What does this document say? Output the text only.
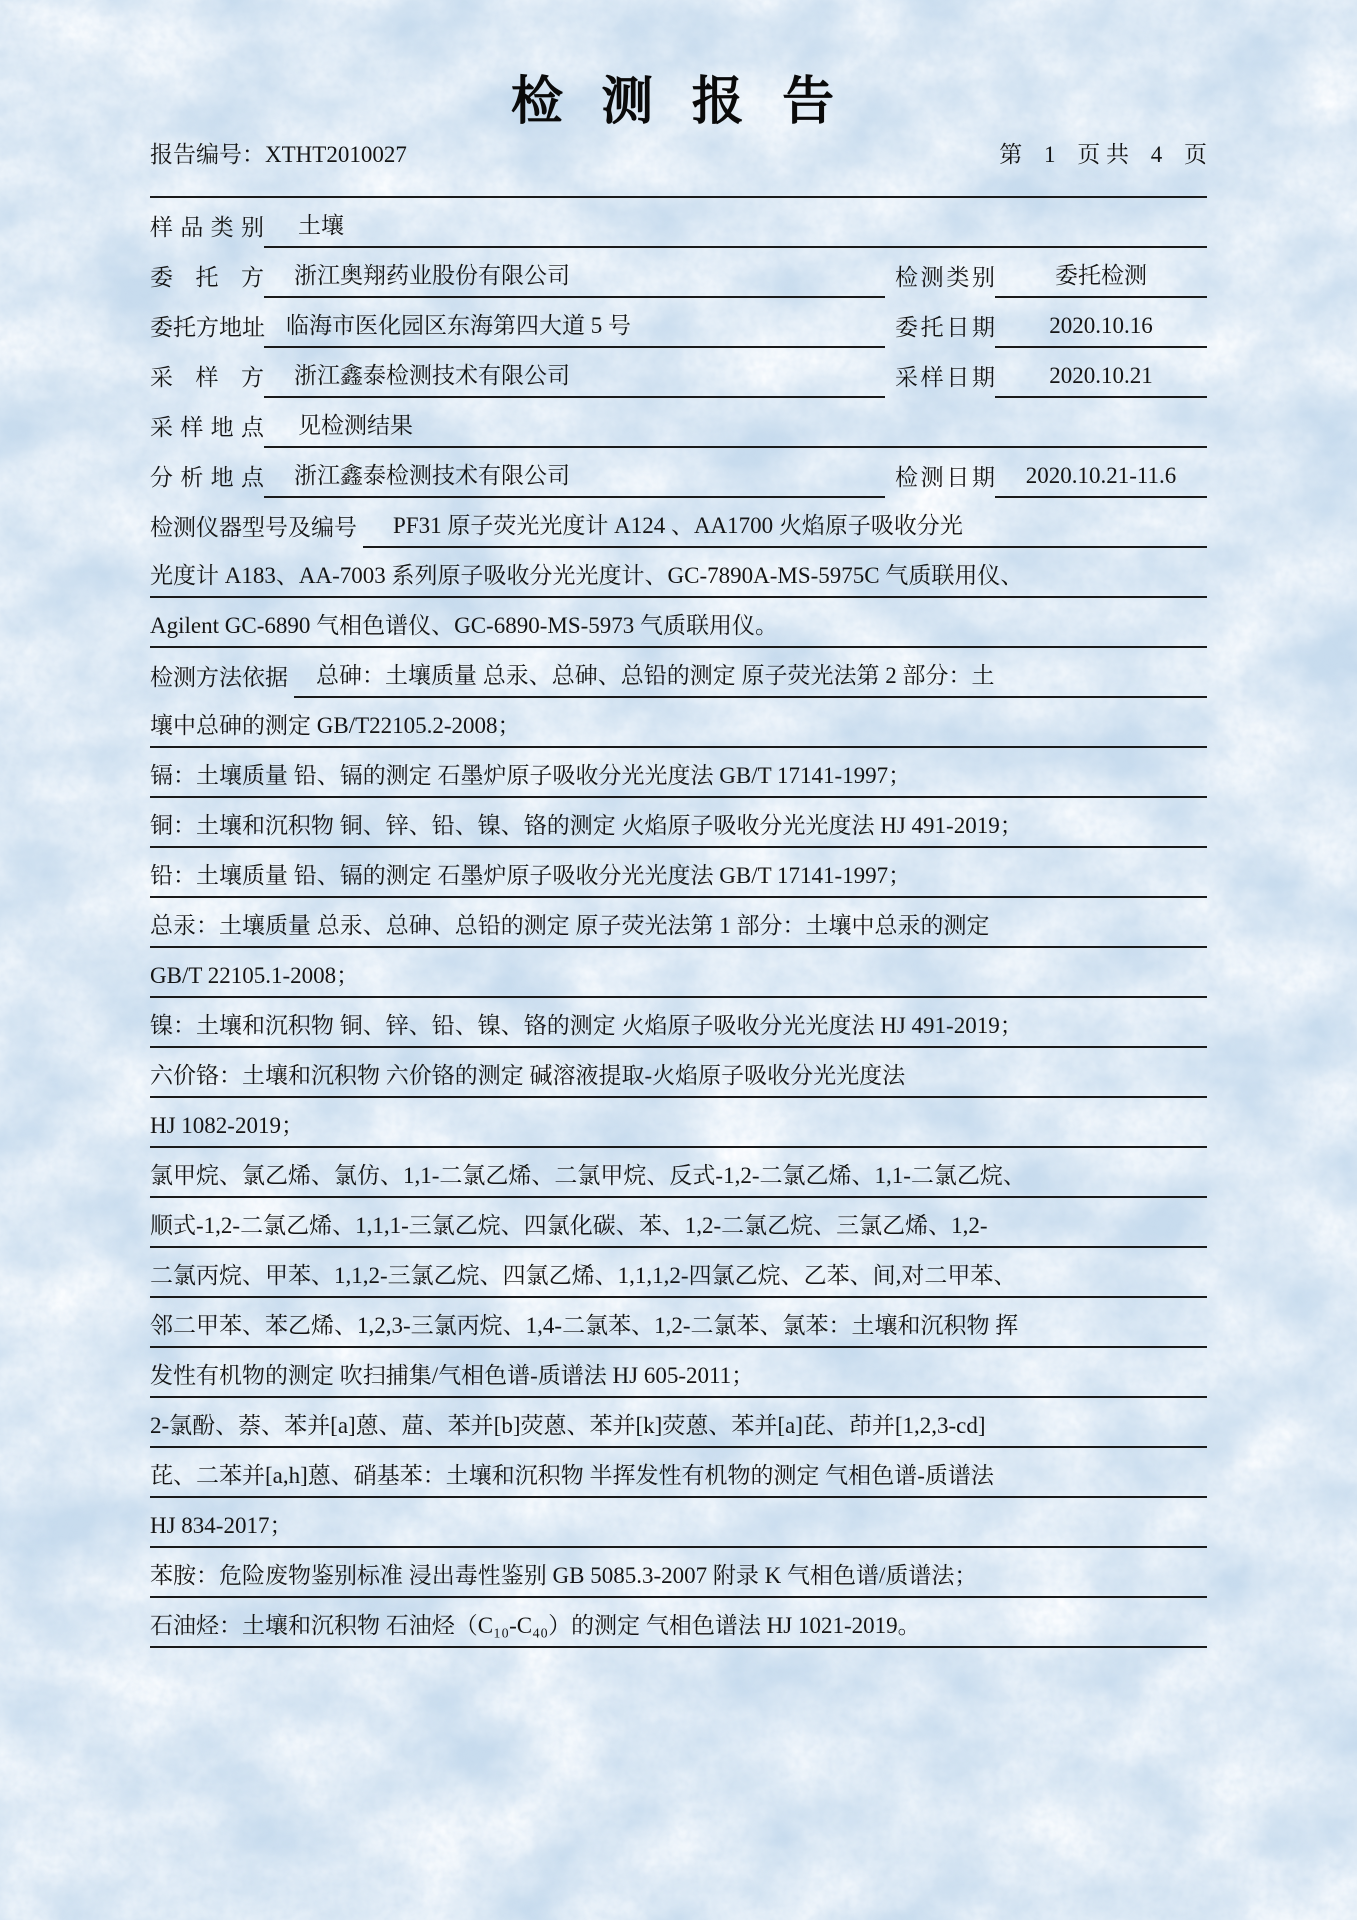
检 测 报 告
报告编号：XTHT2010027	第 1 页 共 4 页
样品类别	土壤
委 托 方	浙江奥翔药业股份有限公司	检测类别	委托检测
委托方地址 临海市医化园区东海第四大道 5 号	委托日期	2020.10.16
采 样 方	浙江鑫泰检测技术有限公司	采样日期	2020.10.21
采样地点	见检测结果
分析地点	浙江鑫泰检测技术有限公司	检测日期	2020.10.21-11.6
检测仪器型号及编号	PF31 原子荧光光度计 A124 、AA1700 火焰原子吸收分光
光度计 A183、AA-7003 系列原子吸收分光光度计、GC-7890A-MS-5975C 气质联用仪、
Agilent GC-6890 气相色谱仪、GC-6890-MS-5973 气质联用仪。
检测方法依据	总砷：土壤质量 总汞、总砷、总铅的测定 原子荧光法第 2 部分：土
壤中总砷的测定 GB/T22105.2-2008；
镉：土壤质量 铅、镉的测定 石墨炉原子吸收分光光度法 GB/T 17141-1997；
铜：土壤和沉积物 铜、锌、铅、镍、铬的测定 火焰原子吸收分光光度法 HJ 491-2019；
铅：土壤质量 铅、镉的测定 石墨炉原子吸收分光光度法 GB/T 17141-1997；
总汞：土壤质量 总汞、总砷、总铅的测定 原子荧光法第 1 部分：土壤中总汞的测定
GB/T 22105.1-2008；
镍：土壤和沉积物 铜、锌、铅、镍、铬的测定 火焰原子吸收分光光度法 HJ 491-2019；
六价铬：土壤和沉积物 六价铬的测定 碱溶液提取-火焰原子吸收分光光度法
HJ 1082-2019；
氯甲烷、氯乙烯、氯仿、1,1-二氯乙烯、二氯甲烷、反式-1,2-二氯乙烯、1,1-二氯乙烷、
顺式-1,2-二氯乙烯、1,1,1-三氯乙烷、四氯化碳、苯、1,2-二氯乙烷、三氯乙烯、1,2-
二氯丙烷、甲苯、1,1,2-三氯乙烷、四氯乙烯、1,1,1,2-四氯乙烷、乙苯、间,对二甲苯、
邻二甲苯、苯乙烯、1,2,3-三氯丙烷、1,4-二氯苯、1,2-二氯苯、氯苯：土壤和沉积物 挥
发性有机物的测定 吹扫捕集/气相色谱-质谱法 HJ 605-2011；
2-氯酚、萘、苯并[a]蒽、䓛、苯并[b]荧蒽、苯并[k]荧蒽、苯并[a]芘、茚并[1,2,3-cd]
芘、二苯并[a,h]蒽、硝基苯：土壤和沉积物 半挥发性有机物的测定 气相色谱-质谱法
HJ 834-2017；
苯胺：危险废物鉴别标准 浸出毒性鉴别 GB 5085.3-2007 附录 K 气相色谱/质谱法；
石油烃：土壤和沉积物 石油烃（C₁₀-C₄₀）的测定 气相色谱法 HJ 1021-2019。
